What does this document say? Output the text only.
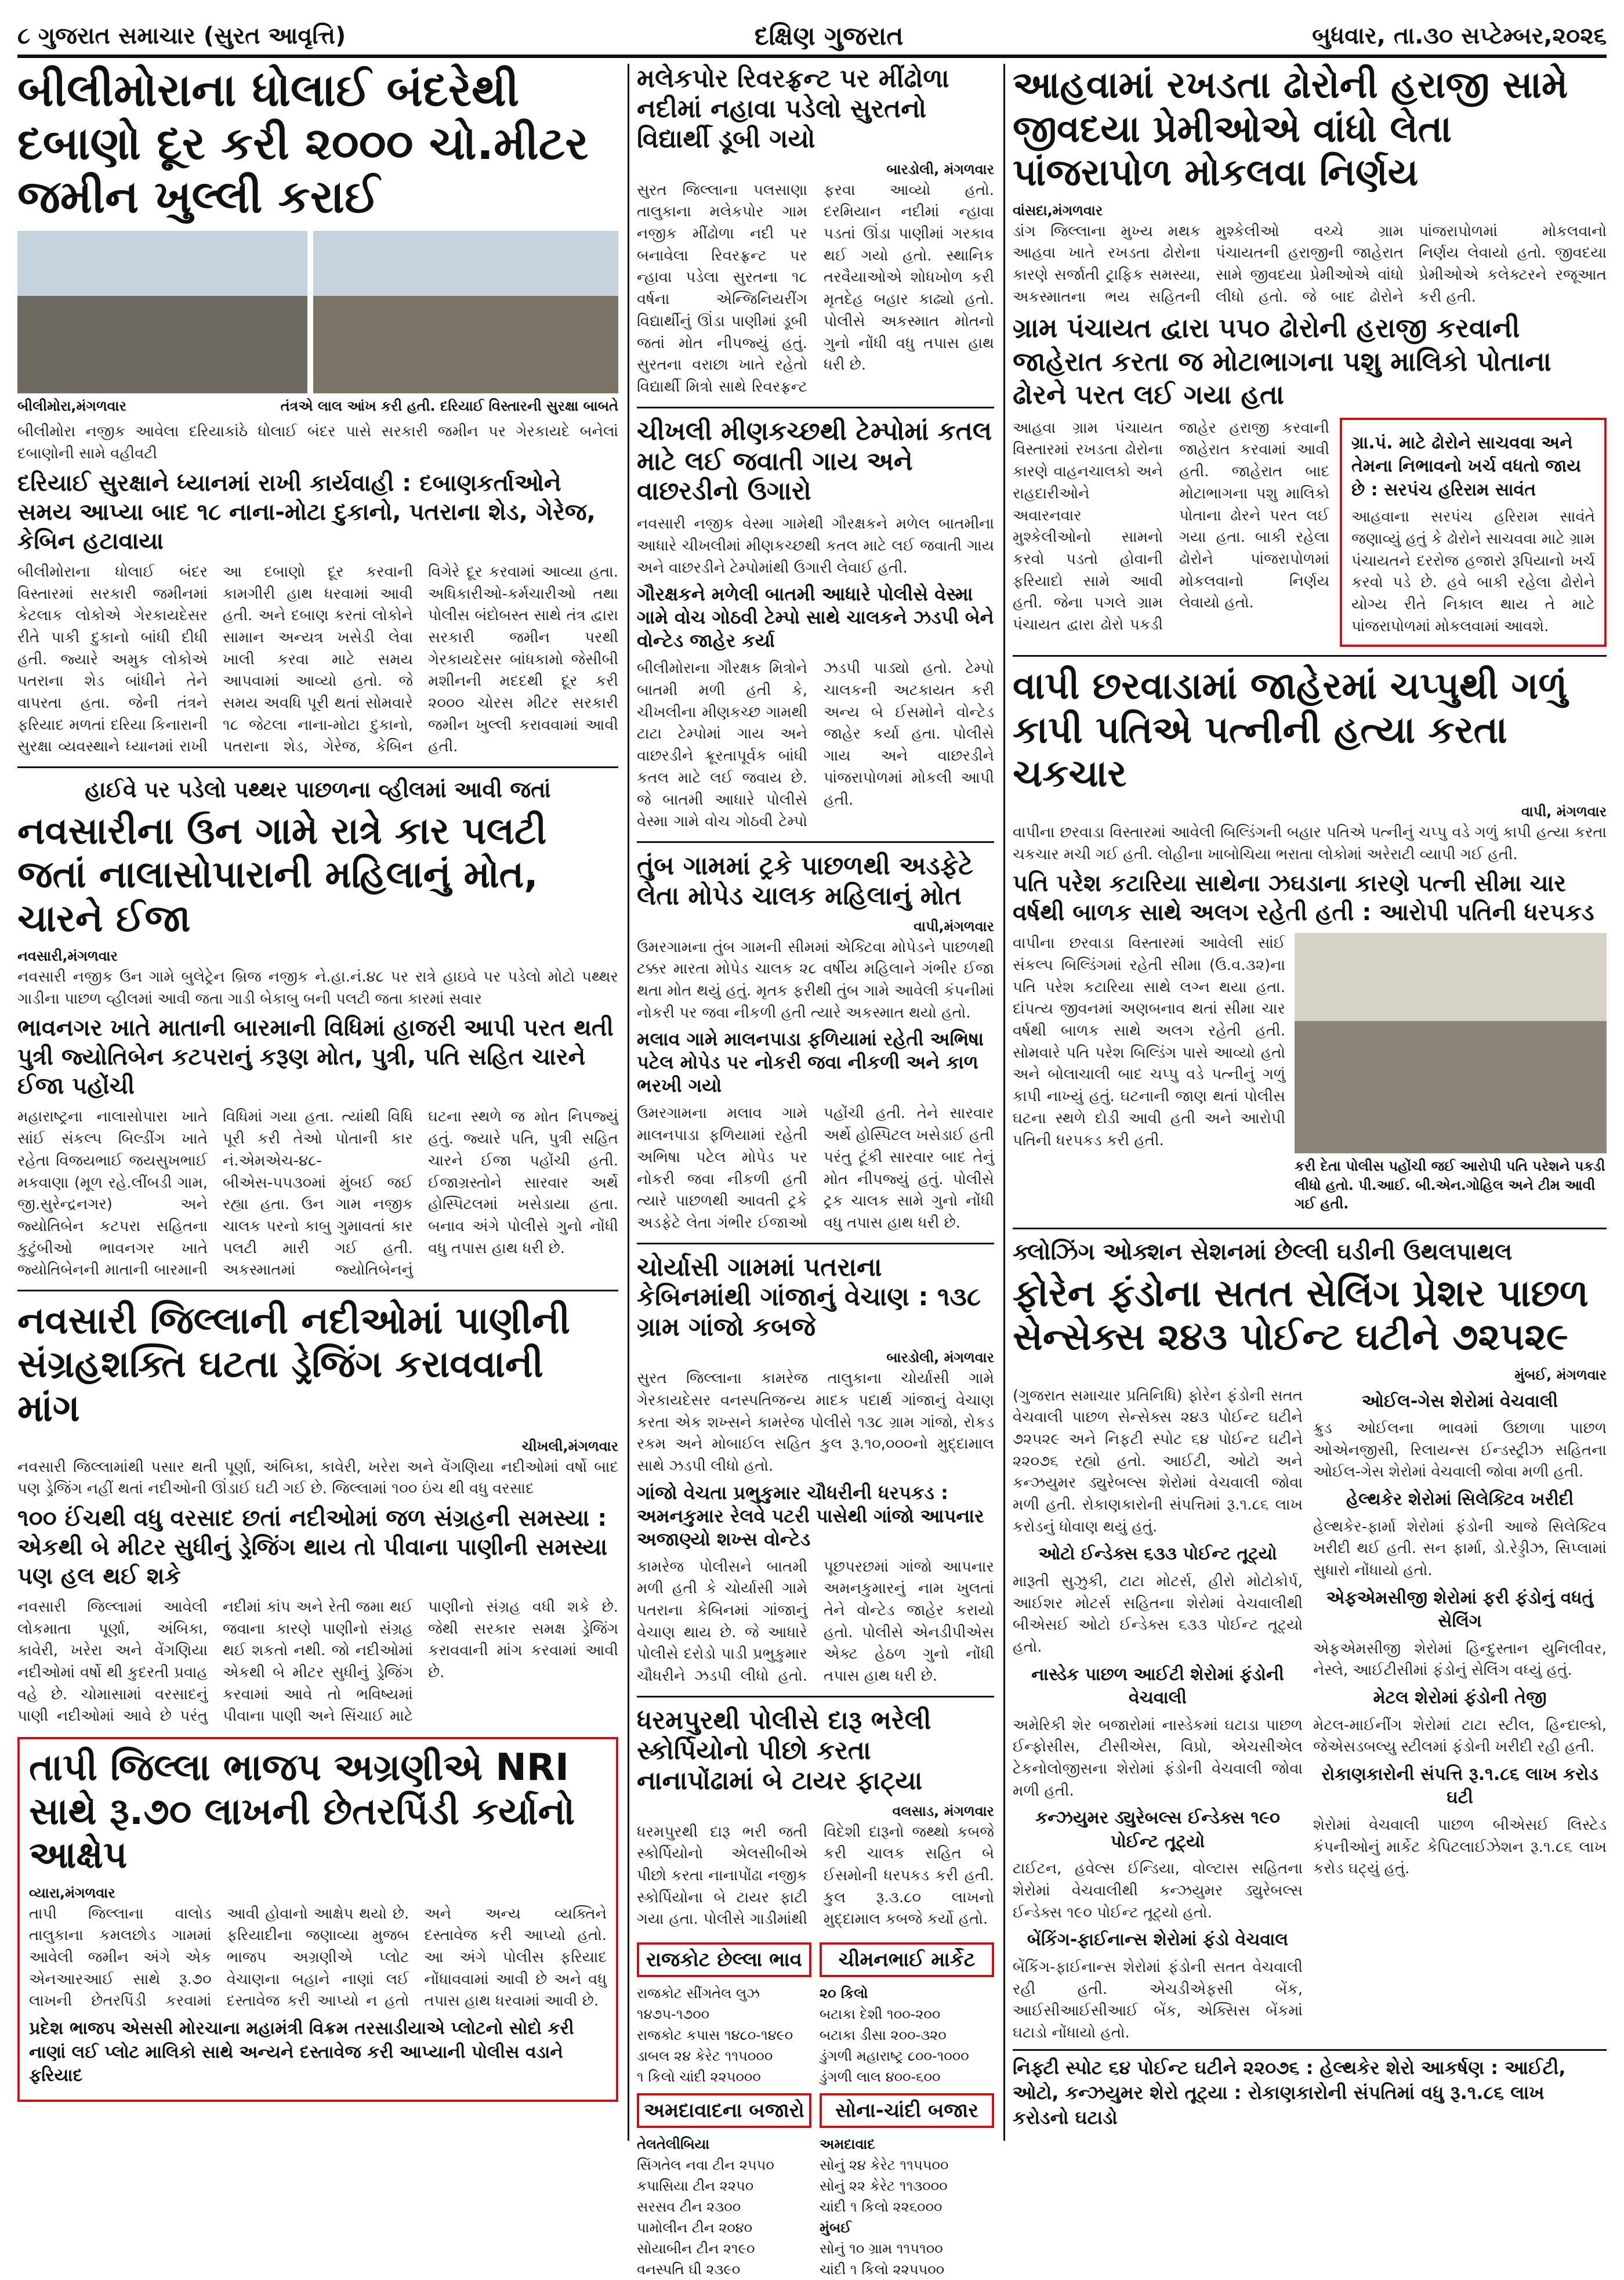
૮ ગુજરાત સમાચાર (સુરત આવૃત્તિ)	દક્ષિણ ગુજરાત	બુધવાર, તા.૩૦ સપ્ટેમ્બર,૨૦૨૬
બીલીમોરાના ધોલાઈ બંદરેથી દબાણો દૂર કરી ૨૦૦૦ ચો.મીટર જમીન ખુલ્લી કરાઈ
બીલીમોરા,મંગળવાર	તંત્રએ લાલ આંખ કરી હતી. દરિયાઈ વિસ્તારની સુરક્ષા બાબતે

બીલીમોરા નજીક આવેલા દરિયાકાંઠે ધોલાઈ બંદર પાસે સરકારી જમીન પર ગેરકાયદે બનેલાં દબાણોની સામે વહીવટી

દરિયાઈ સુરક્ષાને ધ્યાનમાં રાખી કાર્યવાહી : દબાણકર્તાઓને સમય આપ્યા બાદ ૧૮ નાના-મોટા દુકાનો, પતરાના શેડ, ગેરેજ, કેબિન હટાવાયા

બીલીમોરાના ધોલાઈ બંદર વિસ્તારમાં સરકારી જમીનમાં કેટલાક લોકોએ ગેરકાયદેસર રીતે પાકી દુકાનો બાંધી દીધી હતી. જ્યારે અમુક લોકોએ પતરાના શેડ બાંધીને તેને વાપરતા હતા. જેની તંત્રને ફરિયાદ મળતાં દરિયા કિનારાની સુરક્ષા વ્યવસ્થાને ધ્યાનમાં રાખી આ દબાણો દૂર કરવાની કામગીરી હાથ ધરવામાં આવી હતી. અને દબાણ કરતાં લોકોને સામાન અન્યત્ર ખસેડી લેવા ખાલી કરવા માટે સમય આપવામાં આવ્યો હતો. જે સમય અવધિ પૂરી થતાં સોમવારે ૧૮ જેટલા નાના-મોટા દુકાનો, પતરાના શેડ, ગેરેજ, કેબિન વિગેરે દૂર કરવામાં આવ્યા હતા. અધિકારીઓ-કર્મચારીઓ તથા પોલીસ બંદોબસ્ત સાથે તંત્ર દ્વારા સરકારી જમીન પરથી ગેરકાયદેસર બાંધકામો જેસીબી મશીનની મદદથી દૂર કરી ૨૦૦૦ ચોરસ મીટર સરકારી જમીન ખુલ્લી કરાવવામાં આવી હતી.

હાઈવે પર પડેલો પથ્થર પાછળના વ્હીલમાં આવી જતાં
નવસારીના ઉન ગામે રાત્રે કાર પલટી જતાં નાલાસોપારાની મહિલાનું મોત, ચારને ઈજા
નવસારી,મંગળવાર

નવસારી નજીક ઉન ગામે બુલેટ્રેન બ્રિજ નજીક ને.હા.નં.૪૮ પર રાત્રે હાઇવે પર પડેલો મોટો પથ્થર ગાડીના પાછળ વ્હીલમાં આવી જતા ગાડી બેકાબુ બની પલટી જતા કારમાં સવાર

ભાવનગર ખાતે માતાની બારમાની વિધિમાં હાજરી આપી પરત થતી પુત્રી જ્યોતિબેન કટપરાનું કરૂણ મોત, પુત્રી, પતિ સહિત ચારને ઈજા પહોંચી

મહારાષ્ટ્રના નાલાસોપારા ખાતે સાંઈ સંકલ્પ બિલ્ડીંગ ખાતે રહેતા વિજયભાઈ જયસુખભાઈ મકવાણા (મૂળ રહે.લીંબડી ગામ, જી.સુરેન્દ્રનગર) અને જ્યોતિબેન કટપરા સહિતના કુટુંબીઓ ભાવનગર ખાતે જ્યોતિબેનની માતાની બારમાની વિધિમાં ગયા હતા. ત્યાંથી વિધિ પૂરી કરી તેઓ પોતાની કાર નં.એમએચ-૪૮-બીએસ-૫૫૩૦માં મુંબઈ જઈ રહ્યા હતા. ઉન ગામ નજીક ચાલક પરનો કાબુ ગુમાવતાં કાર પલટી મારી ગઈ હતી. અકસ્માતમાં જ્યોતિબેનનું ઘટના સ્થળે જ મોત નિપજ્યું હતું. જ્યારે પતિ, પુત્રી સહિત ચારને ઈજા પહોંચી હતી. ઈજાગ્રસ્તોને સારવાર અર્થે હોસ્પિટલમાં ખસેડાયા હતા. બનાવ અંગે પોલીસે ગુનો નોંધી વધુ તપાસ હાથ ધરી છે.

નવસારી જિલ્લાની નદીઓમાં પાણીની સંગ્રહશક્તિ ઘટતા ડ્રેજિંગ કરાવવાની માંગ
ચીખલી,મંગળવાર

નવસારી જિલ્લામાંથી પસાર થતી પૂર્ણા, અંબિકા, કાવેરી, ખરેરા અને વેંગણિયા નદીઓમાં વર્ષો બાદ પણ ડ્રેજિંગ નહીં થતાં નદીઓની ઊંડાઈ ઘટી ગઈ છે. જિલ્લામાં ૧૦૦ ઇંચ થી વધુ વરસાદ

૧૦૦ ઈંચથી વધુ વરસાદ છતાં નદીઓમાં જળ સંગ્રહની સમસ્યા : એકથી બે મીટર સુધીનું ડ્રેજિંગ થાય તો પીવાના પાણીની સમસ્યા પણ હલ થઈ શકે

નવસારી જિલ્લામાં આવેલી લોકમાતા પૂર્ણા, અંબિકા, કાવેરી, ખરેરા અને વેંગણિયા નદીઓમાં વર્ષો થી કુદરતી પ્રવાહ વહે છે. ચોમાસામાં વરસાદનું પાણી નદીઓમાં આવે છે પરંતુ નદીમાં કાંપ અને રેતી જમા થઈ જવાના કારણે પાણીનો સંગ્રહ થઈ શકતો નથી. જો નદીઓમાં એકથી બે મીટર સુધીનું ડ્રેજિંગ કરવામાં આવે તો ભવિષ્યમાં પીવાના પાણી અને સિંચાઈ માટે પાણીનો સંગ્રહ વધી શકે છે. જેથી સરકાર સમક્ષ ડ્રેજિંગ કરાવવાની માંગ કરવામાં આવી છે.

તાપી જિલ્લા ભાજપ અગ્રણીએ NRI સાથે રૂ.૭૦ લાખની છેતરપિંડી કર્યાનો આક્ષેપ
વ્યારા,મંગળવાર

તાપી જિલ્લાના વાલોડ તાલુકાના કમલછોડ ગામમાં આવેલી જમીન અંગે એક એનઆરઆઈ સાથે રૂ.૭૦ લાખની છેતરપિંડી કરવામાં આવી હોવાનો આક્ષેપ થયો છે. ફરિયાદીના જણાવ્યા મુજબ ભાજપ અગ્રણીએ પ્લોટ વેચાણના બહાને નાણાં લઈ દસ્તાવેજ કરી આપ્યો ન હતો અને અન્ય વ્યક્તિને દસ્તાવેજ કરી આપ્યો હતો. આ અંગે પોલીસ ફરિયાદ નોંધાવવામાં આવી છે અને વધુ તપાસ હાથ ધરવામાં આવી છે.

પ્રદેશ ભાજપ એસસી મોરચાના મહામંત્રી વિક્રમ તરસાડીયાએ પ્લોટનો સોદો કરી નાણાં લઈ પ્લોટ માલિકો સાથે અન્યને દસ્તાવેજ કરી આપ્યાની પોલીસ વડાને ફરિયાદ
મલેકપોર રિવરફ્રન્ટ પર મીંઢોળા નદીમાં નહાવા પડેલો સુરતનો વિદ્યાર્થી ડૂબી ગયો
બારડોલી, મંગળવાર

સુરત જિલ્લાના પલસાણા તાલુકાના મલેકપોર ગામ નજીક મીંઢોળા નદી પર બનાવેલા રિવરફ્રન્ટ પર ન્હાવા પડેલા સુરતના ૧૮ વર્ષના એન્જિનિયરીંગ વિદ્યાર્થીનું ઊંડા પાણીમાં ડૂબી જતાં મોત નીપજ્યું હતું. સુરતના વરાછા ખાતે રહેતો વિદ્યાર્થી મિત્રો સાથે રિવરફ્રન્ટ ફરવા આવ્યો હતો. દરમિયાન નદીમાં ન્હાવા પડતાં ઊંડા પાણીમાં ગરકાવ થઈ ગયો હતો. સ્થાનિક તરવૈયાઓએ શોધખોળ કરી મૃતદેહ બહાર કાઢ્યો હતો. પોલીસે અકસ્માત મોતનો ગુનો નોંધી વધુ તપાસ હાથ ધરી છે.

ચીખલી મીણકચ્છથી ટેમ્પોમાં કતલ માટે લઈ જવાતી ગાય અને વાછરડીનો ઉગારો

નવસારી નજીક વેસ્મા ગામેથી ગૌરક્ષકને મળેલ બાતમીના આધારે ચીખલીમાં મીણકચ્છથી કતલ માટે લઈ જવાતી ગાય અને વાછરડીને ટેમ્પોમાંથી ઉગારી લેવાઈ હતી.

ગૌરક્ષકને મળેલી બાતમી આધારે પોલીસે વેસ્મા ગામે વોચ ગોઠવી ટેમ્પો સાથે ચાલકને ઝડપી બેને વોન્ટેડ જાહેર કર્યા

બીલીમોરાના ગૌરક્ષક મિત્રોને બાતમી મળી હતી કે, ચીખલીના મીણકચ્છ ગામથી ટાટા ટેમ્પોમાં ગાય અને વાછરડીને ક્રૂરતાપૂર્વક બાંધી કતલ માટે લઈ જવાય છે. જે બાતમી આધારે પોલીસે વેસ્મા ગામે વોચ ગોઠવી ટેમ્પો ઝડપી પાડ્યો હતો. ટેમ્પો ચાલકની અટકાયત કરી અન્ય બે ઈસમોને વોન્ટેડ જાહેર કર્યા હતા. પોલીસે ગાય અને વાછરડીને પાંજરાપોળમાં મોકલી આપી હતી.

તુંબ ગામમાં ટ્રકે પાછળથી અડફેટે લેતા મોપેડ ચાલક મહિલાનું મોત
વાપી,મંગળવાર

ઉમરગામના તુંબ ગામની સીમમાં એક્ટિવા મોપેડને પાછળથી ટક્કર મારતા મોપેડ ચાલક ૨૮ વર્ષીય મહિલાને ગંભીર ઈજા થતા મોત થયું હતું. મૃતક ફરીથી તુંબ ગામે આવેલી કંપનીમાં નોકરી પર જવા નીકળી હતી ત્યારે અકસ્માત થયો હતો.

મલાવ ગામે માલનપાડા ફળિયામાં રહેતી અભિષા પટેલ મોપેડ પર નોકરી જવા નીકળી અને કાળ ભરખી ગયો

ઉમરગામના મલાવ ગામે માલનપાડા ફળિયામાં રહેતી અભિષા પટેલ મોપેડ પર નોકરી જવા નીકળી હતી ત્યારે પાછળથી આવતી ટ્રકે અડફેટે લેતા ગંભીર ઈજાઓ પહોંચી હતી. તેને સારવાર અર્થે હોસ્પિટલ ખસેડાઈ હતી પરંતુ ટૂંકી સારવાર બાદ તેનું મોત નીપજ્યું હતું. પોલીસે ટ્રક ચાલક સામે ગુનો નોંધી વધુ તપાસ હાથ ધરી છે.

ચોર્યાસી ગામમાં પતરાના કેબિનમાંથી ગાંજાનું વેચાણ : ૧૩૮ ગ્રામ ગાંજો કબજે
બારડોલી, મંગળવાર

સુરત જિલ્લાના કામરેજ તાલુકાના ચોર્યાસી ગામે ગેરકાયદેસર વનસ્પતિજન્ય માદક પદાર્થ ગાંજાનું વેચાણ કરતા એક શખ્સને કામરેજ પોલીસે ૧૩૮ ગ્રામ ગાંજો, રોકડ રકમ અને મોબાઈલ સહિત કુલ રૂ.૧૦,૦૦૦નો મુદ્દામાલ સાથે ઝડપી લીધો હતો.

ગાંજો વેચતા પ્રભુકુમાર ચૌધરીની ધરપકડ : અમનકુમાર રેલવે પટરી પાસેથી ગાંજો આપનાર અજાણ્યો શખ્સ વોન્ટેડ

કામરેજ પોલીસને બાતમી મળી હતી કે ચોર્યાસી ગામે પતરાના કેબિનમાં ગાંજાનું વેચાણ થાય છે. જે આધારે પોલીસે દરોડો પાડી પ્રભુકુમાર ચૌધરીને ઝડપી લીધો હતો. પૂછપરછમાં ગાંજો આપનાર અમનકુમારનું નામ ખુલતાં તેને વોન્ટેડ જાહેર કરાયો હતો. પોલીસે એનડીપીએસ એક્ટ હેઠળ ગુનો નોંધી તપાસ હાથ ધરી છે.

ધરમપુરથી પોલીસે દારૂ ભરેલી સ્કોર્પિયોનો પીછો કરતા નાનાપોંઢામાં બે ટાયર ફાટ્યા
વલસાડ, મંગળવાર

ધરમપુરથી દારૂ ભરી જતી સ્કોર્પિયોનો એલસીબીએ પીછો કરતા નાનાપોંઢા નજીક સ્કોર્પિયોના બે ટાયર ફાટી ગયા હતા. પોલીસે ગાડીમાંથી વિદેશી દારૂનો જથ્થો કબજે કરી ચાલક સહિત બે ઈસમોની ધરપકડ કરી હતી. કુલ રૂ.૩.૮૦ લાખનો મુદ્દામાલ કબજે કર્યો હતો.

રાજકોટ છેલ્લા ભાવ
રાજકોટ સીંગતેલ લુઝ ૧૪૭૫-૧૭૦૦
રાજકોટ કપાસ ૧૪૮૦-૧૪૯૦
ડાબલ ૨૪ કેરેટ ૧૧૫૦૦૦
૧ કિલો ચાંદી ૨૨૫૦૦૦
અમદાવાદના બજારો
તેલતેલીબિયા
સિંગતેલ નવા ટીન ૨૫૫૦
કપાસિયા ટીન ૨૨૫૦
સરસવ ટીન ૨૩૦૦
પામોલીન ટીન ૨૦૪૦
સોયાબીન ટીન ૨૧૯૦
વનસ્પતિ ઘી ૨૩૯૦
ચીમનભાઈ માર્કેટ
૨૦ કિલો
બટાકા દેશી ૧૦૦-૨૦૦
બટાકા ડીસા ૨૦૦-૩૨૦
ડુંગળી મહારાષ્ટ્ર ૮૦૦-૧૦૦૦
ડુંગળી લાલ ૪૦૦-૬૦૦
સોના-ચાંદી બજાર
અમદાવાદ
સોનું ૨૪ કેરેટ ૧૧૫૫૦૦
સોનું ૨૨ કેરેટ ૧૧૩૦૦૦
ચાંદી ૧ કિલો ૨૨૬૦૦૦
મુંબઈ
સોનું ૧૦ ગ્રામ ૧૧૫૧૦૦
ચાંદી ૧ કિલો ૨૨૫૫૦૦
આહવામાં રખડતા ઢોરોની હરાજી સામે જીવદયા પ્રેમીઓએ વાંધો લેતા પાંજરાપોળ મોકલવા નિર્ણય
વાંસદા,મંગળવાર

ડાંગ જિલ્લાના મુખ્ય મથક આહવા ખાતે રખડતા ઢોરોના કારણે સર્જાતી ટ્રાફિક સમસ્યા, અકસ્માતના ભય સહિતની મુશ્કેલીઓ વચ્ચે ગ્રામ પંચાયતની હરાજીની જાહેરાત સામે જીવદયા પ્રેમીઓએ વાંધો લીધો હતો. જે બાદ ઢોરોને પાંજરાપોળમાં મોકલવાનો નિર્ણય લેવાયો હતો. જીવદયા પ્રેમીઓએ કલેક્ટરને રજૂઆત કરી હતી.

ગ્રામ પંચાયત દ્વારા ૫૫૦ ઢોરોની હરાજી કરવાની જાહેરાત કરતા જ મોટાભાગના પશુ માલિકો પોતાના ઢોરને પરત લઈ ગયા હતા

આહવા ગ્રામ પંચાયત વિસ્તારમાં રખડતા ઢોરોના કારણે વાહનચાલકો અને રાહદારીઓને અવારનવાર મુશ્કેલીઓનો સામનો કરવો પડતો હોવાની ફરિયાદો સામે આવી હતી. જેના પગલે ગ્રામ પંચાયત દ્વારા ઢોરો પકડી જાહેર હરાજી કરવાની જાહેરાત કરવામાં આવી હતી. જાહેરાત બાદ મોટાભાગના પશુ માલિકો પોતાના ઢોરને પરત લઈ ગયા હતા. બાકી રહેલા ઢોરોને પાંજરાપોળમાં મોકલવાનો નિર્ણય લેવાયો હતો.

ગ્રા.પં. માટે ઢોરોને સાચવવા અને તેમના નિભાવનો ખર્ચ વધતો જાય છે : સરપંચ હરિરામ સાવંત

આહવાના સરપંચ હરિરામ સાવંતે જણાવ્યું હતું કે ઢોરોને સાચવવા માટે ગ્રામ પંચાયતને દરરોજ હજારો રૂપિયાનો ખર્ચ કરવો પડે છે. હવે બાકી રહેલા ઢોરોને યોગ્ય રીતે નિકાલ થાય તે માટે પાંજરાપોળમાં મોકલવામાં આવશે.

વાપી છરવાડામાં જાહેરમાં ચપ્પુથી ગળું કાપી પતિએ પત્નીની હત્યા કરતા ચકચાર
વાપી, મંગળવાર

વાપીના છરવાડા વિસ્તારમાં આવેલી બિલ્ડિંગની બહાર પતિએ પત્નીનું ચપ્પુ વડે ગળું કાપી હત્યા કરતા ચકચાર મચી ગઈ હતી. લોહીના ખાબોચિયા ભરાતા લોકોમાં અરેરાટી વ્યાપી ગઈ હતી.

પતિ પરેશ કટારિયા સાથેના ઝઘડાના કારણે પત્ની સીમા ચાર વર્ષથી બાળક સાથે અલગ રહેતી હતી : આરોપી પતિની ધરપકડ

વાપીના છરવાડા વિસ્તારમાં આવેલી સાંઈ સંકલ્પ બિલ્ડિંગમાં રહેતી સીમા (ઉ.વ.૩૨)ના પતિ પરેશ કટારિયા સાથે લગ્ન થયા હતા. દાંપત્ય જીવનમાં અણબનાવ થતાં સીમા ચાર વર્ષથી બાળક સાથે અલગ રહેતી હતી. સોમવારે પતિ પરેશ બિલ્ડિંગ પાસે આવ્યો હતો અને બોલાચાલી બાદ ચપ્પુ વડે પત્નીનું ગળું કાપી નાખ્યું હતું. ઘટનાની જાણ થતાં પોલીસ ઘટના સ્થળે દોડી આવી હતી અને આરોપી પતિની ધરપકડ કરી હતી.

કરી દેતા પોલીસ પહોંચી જઈ આરોપી પતિ પરેશને પકડી લીધો હતો. પી.આઈ. બી.એન.ગોહિલ અને ટીમ આવી ગઈ હતી.
ક્લોઝિંગ ઓક્શન સેશનમાં છેલ્લી ઘડીની ઉથલપાથલ
ફોરેન ફંડોના સતત સેલિંગ પ્રેશર પાછળ સેન્સેક્સ ૨૪૩ પોઈન્ટ ઘટીને ૭૨૫૨૯
મુંબઈ, મંગળવાર

(ગુજરાત સમાચાર પ્રતિનિધિ) ફોરેન ફંડોની સતત વેચવાલી પાછળ સેન્સેક્સ ૨૪૩ પોઈન્ટ ઘટીને ૭૨૫૨૯ અને નિફટી સ્પોટ ૬૪ પોઈન્ટ ઘટીને ૨૨૦૭૬ રહ્યો હતો. આઈટી, ઓટો અને કન્ઝયુમર ડ્યુરેબલ્સ શેરોમાં વેચવાલી જોવા મળી હતી. રોકાણકારોની સંપત્તિમાં રૂ.૧.૮૬ લાખ કરોડનું ધોવાણ થયું હતું.

ઓટો ઈન્ડેક્સ ૬૩૩ પોઈન્ટ તૂટ્યો

મારૂતી સુઝુકી, ટાટા મોટર્સ, હીરો મોટોકોર્પ, આઈશર મોટર્સ સહિતના શેરોમાં વેચવાલીથી બીએસઈ ઓટો ઈન્ડેક્સ ૬૩૩ પોઈન્ટ તૂટ્યો હતો.

નાસ્ડેક પાછળ આઈટી શેરોમાં ફંડોની વેચવાલી

અમેરિકી શેર બજારોમાં નાસ્ડેકમાં ઘટાડા પાછળ ઈન્ફોસીસ, ટીસીએસ, વિપ્રો, એચસીએલ ટેકનોલોજીસના શેરોમાં ફંડોની વેચવાલી જોવા મળી હતી.

કન્ઝયુમર ડ્યુરેબલ્સ ઈન્ડેક્સ ૧૯૦ પોઈન્ટ તૂટ્યો

ટાઈટન, હવેલ્સ ઈન્ડિયા, વોલ્ટાસ સહિતના શેરોમાં વેચવાલીથી કન્ઝયુમર ડ્યુરેબલ્સ ઈન્ડેક્સ ૧૯૦ પોઈન્ટ તૂટ્યો હતો.

બેંકિંગ-ફાઈનાન્સ શેરોમાં ફંડો વેચવાલ

બેંકિંગ-ફાઈનાન્સ શેરોમાં ફંડોની સતત વેચવાલી રહી હતી. એચડીએફસી બેંક, આઈસીઆઈસીઆઈ બેંક, એક્સિસ બેંકમાં ઘટાડો નોંધાયો હતો.

ઓઈલ-ગેસ શેરોમાં વેચવાલી

ક્રુડ ઓઈલના ભાવમાં ઉછાળા પાછળ ઓએનજીસી, રિલાયન્સ ઈન્ડસ્ટ્રીઝ સહિતના ઓઈલ-ગેસ શેરોમાં વેચવાલી જોવા મળી હતી.

હેલ્થકેર શેરોમાં સિલેક્ટિવ ખરીદી

હેલ્થકેર-ફાર્મા શેરોમાં ફંડોની આજે સિલેક્ટિવ ખરીદી થઈ હતી. સન ફાર્મા, ડો.રેડ્ડીઝ, સિપ્લામાં સુધારો નોંધાયો હતો.

એફએમસીજી શેરોમાં ફરી ફંડોનું વધતું સેલિંગ

એફએમસીજી શેરોમાં હિન્દુસ્તાન યુનિલીવર, નેસ્લે, આઈટીસીમાં ફંડોનું સેલિંગ વધ્યું હતું.

મેટલ શેરોમાં ફંડોની તેજી

મેટલ-માઈનીંગ શેરોમાં ટાટા સ્ટીલ, હિન્દાલ્કો, જેએસડબલ્યુ સ્ટીલમાં ફંડોની ખરીદી રહી હતી.

રોકાણકારોની સંપત્તિ રૂ.૧.૮૬ લાખ કરોડ ઘટી

શેરોમાં વેચવાલી પાછળ બીએસઈ લિસ્ટેડ કંપનીઓનું માર્કેટ કેપિટલાઈઝેશન રૂ.૧.૮૬ લાખ કરોડ ઘટ્યું હતું.

નિફ્ટી સ્પોટ ૬૪ પોઈન્ટ ઘટીને ૨૨૦૭૬ : હેલ્થકેર શેરો આકર્ષણ : આઈટી, ઓટો, કન્ઝયુમર શેરો તૂટ્યા : રોકાણકારોની સંપતિમાં વધુ રૂ.૧.૮૬ લાખ કરોડનો ઘટાડો
